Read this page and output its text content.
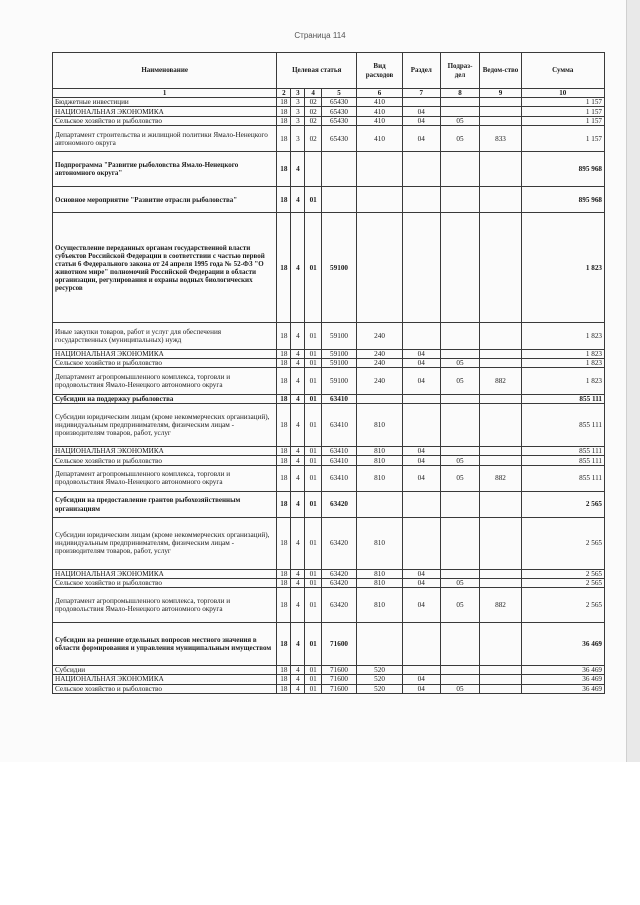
Страница 114
Наименование	Целевая статья				Вид расходов	Раздел	Подраз-дел	Ведом-ство	Сумма
1	2	3	4	5	6	7	8	9	10
Бюджетные инвестиции	18	3	02	65430	410				1 157
НАЦИОНАЛЬНАЯ ЭКОНОМИКА	18	3	02	65430	410	04			1 157
Сельское хозяйство и рыболовство	18	3	02	65430	410	04	05		1 157
Департамент строительства и жилищной политики Ямало-Ненецкого автономного округа	18	3	02	65430	410	04	05	833	1 157
Подпрограмма "Развитие рыболовства Ямало-Ненецкого автономного округа"	18	4							895 968
Основное мероприятие "Развитие отрасли рыболовства"	18	4	01						895 968
Осуществление переданных органам государственной власти субъектов Российской Федерации в соответствии с частью первой статьи 6 Федерального закона от 24 апреля 1995 года № 52-ФЗ "О животном мире" полномочий Российской Федерации в области организации, регулирования и охраны водных биологических ресурсов	18	4	01	59100					1 823
Иные закупки товаров, работ и услуг для обеспечения государственных (муниципальных) нужд	18	4	01	59100	240				1 823
НАЦИОНАЛЬНАЯ ЭКОНОМИКА	18	4	01	59100	240	04			1 823
Сельское хозяйство и рыболовство	18	4	01	59100	240	04	05		1 823
Департамент агропромышленного комплекса, торговли и продовольствия Ямало-Ненецкого автономного округа	18	4	01	59100	240	04	05	882	1 823
Субсидии на поддержку рыболовства	18	4	01	63410					855 111
Субсидии юридическим лицам (кроме некоммерческих организаций), индивидуальным предпринимателям, физическим лицам - производителям товаров, работ, услуг	18	4	01	63410	810				855 111
НАЦИОНАЛЬНАЯ ЭКОНОМИКА	18	4	01	63410	810	04			855 111
Сельское хозяйство и рыболовство	18	4	01	63410	810	04	05		855 111
Департамент агропромышленного комплекса, торговли и продовольствия Ямало-Ненецкого автономного округа	18	4	01	63410	810	04	05	882	855 111
Субсидии на предоставление грантов рыбохозяйственным организациям	18	4	01	63420					2 565
Субсидии юридическим лицам (кроме некоммерческих организаций), индивидуальным предпринимателям, физическим лицам - производителям товаров, работ, услуг	18	4	01	63420	810				2 565
НАЦИОНАЛЬНАЯ ЭКОНОМИКА	18	4	01	63420	810	04			2 565
Сельское хозяйство и рыболовство	18	4	01	63420	810	04	05		2 565
Департамент агропромышленного комплекса, торговли и продовольствия Ямало-Ненецкого автономного округа	18	4	01	63420	810	04	05	882	2 565
Субсидии на решение отдельных вопросов местного значения в области формирования и управления муниципальным имуществом	18	4	01	71600					36 469
Субсидии	18	4	01	71600	520				36 469
НАЦИОНАЛЬНАЯ ЭКОНОМИКА	18	4	01	71600	520	04			36 469
Сельское хозяйство и рыболовство	18	4	01	71600	520	04	05		36 469
